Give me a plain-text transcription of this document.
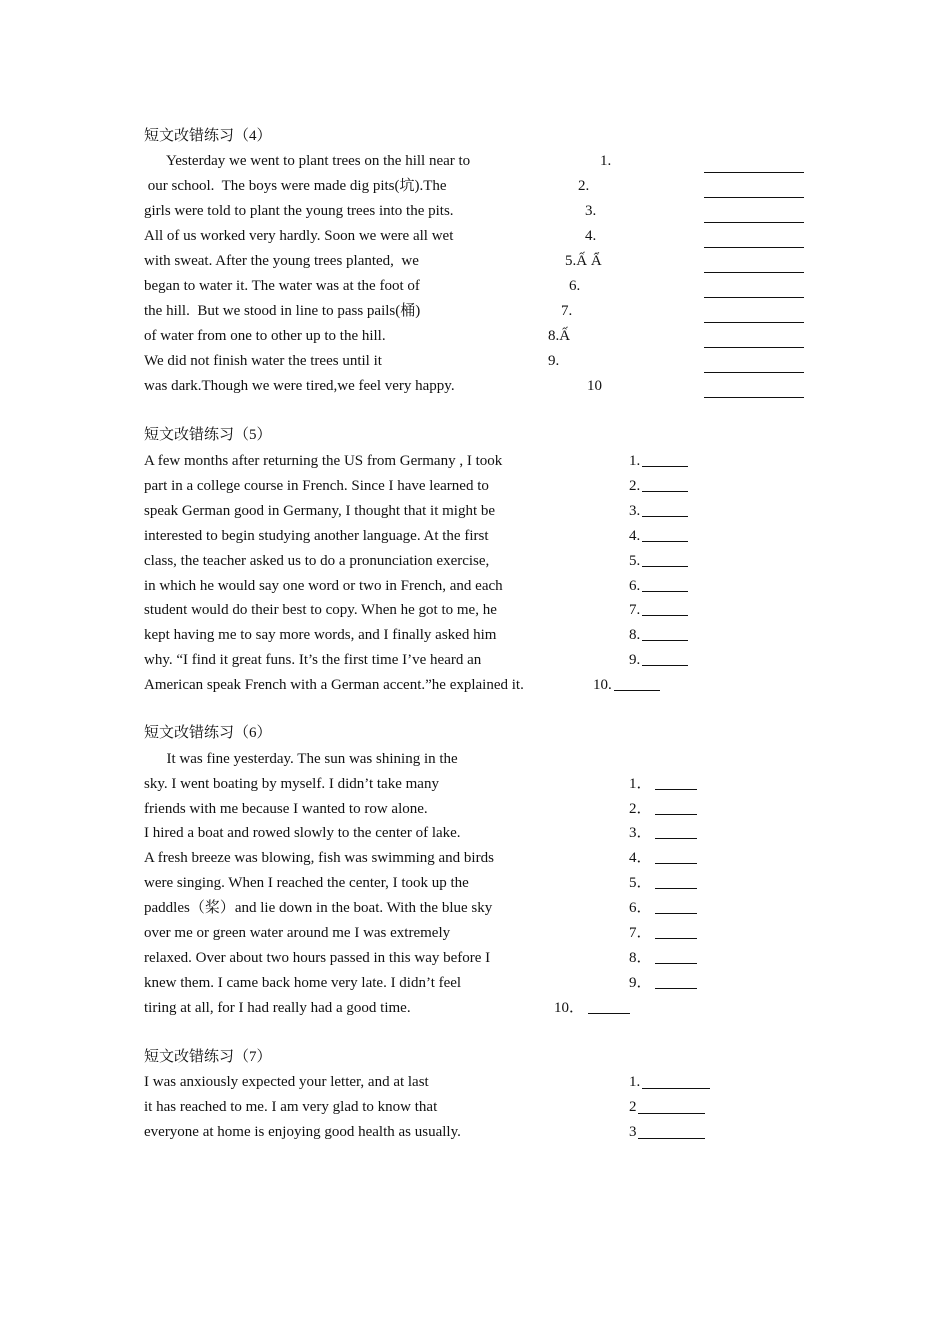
短文改错练习（4）
Yesterday we went to plant trees on the hill near to
our school.  The boys were made dig pits(坑).The
girls were told to plant the young trees into the pits.
All of us worked very hardly. Soon we were all wet
with sweat. After the young trees planted,  we
began to water it. The water was at the foot of
the hill.  But we stood in line to pass pails(桶)
of water from one to other up to the hill.
We did not finish water the trees until it
was dark.Though we were tired,we feel very happy.
1.
2.
3.
4.
5.Ấ Ẩ
6.
7.
8.Ấ
9.
10
短文改错练习（5）
A few months after returning the US from Germany , I took
part in a college course in French. Since I have learned to
speak German good in Germany, I thought that it might be
interested to begin studying another language. At the first
class, the teacher asked us to do a pronunciation exercise,
in which he would say one word or two in French, and each
student would do their best to copy. When he got to me, he
kept having me to say more words, and I finally asked him
why. “I find it great funs. It’s the first time I’ve heard an
American speak French with a German accent.”he explained it.
1.
2.
3.
4.
5.
6.
7.
8.
9.
10.
短文改错练习（6）
It was fine yesterday. The sun was shining in the
sky. I went boating by myself. I didn’t take many
friends with me because I wanted to row alone.
I hired a boat and rowed slowly to the center of lake.
A fresh breeze was blowing, fish was swimming and birds
were singing. When I reached the center, I took up the
paddles（桨）and lie down in the boat. With the blue sky
over me or green water around me I was extremely
relaxed. Over about two hours passed in this way before I
knew them. I came back home very late. I didn’t feel
tiring at all, for I had really had a good time.
1．
2．
3．
4．
5．
6．
7．
8．
9．
10．
短文改错练习（7）
I was anxiously expected your letter, and at last
it has reached to me. I am very glad to know that
everyone at home is enjoying good health as usually.
1.
2
3
